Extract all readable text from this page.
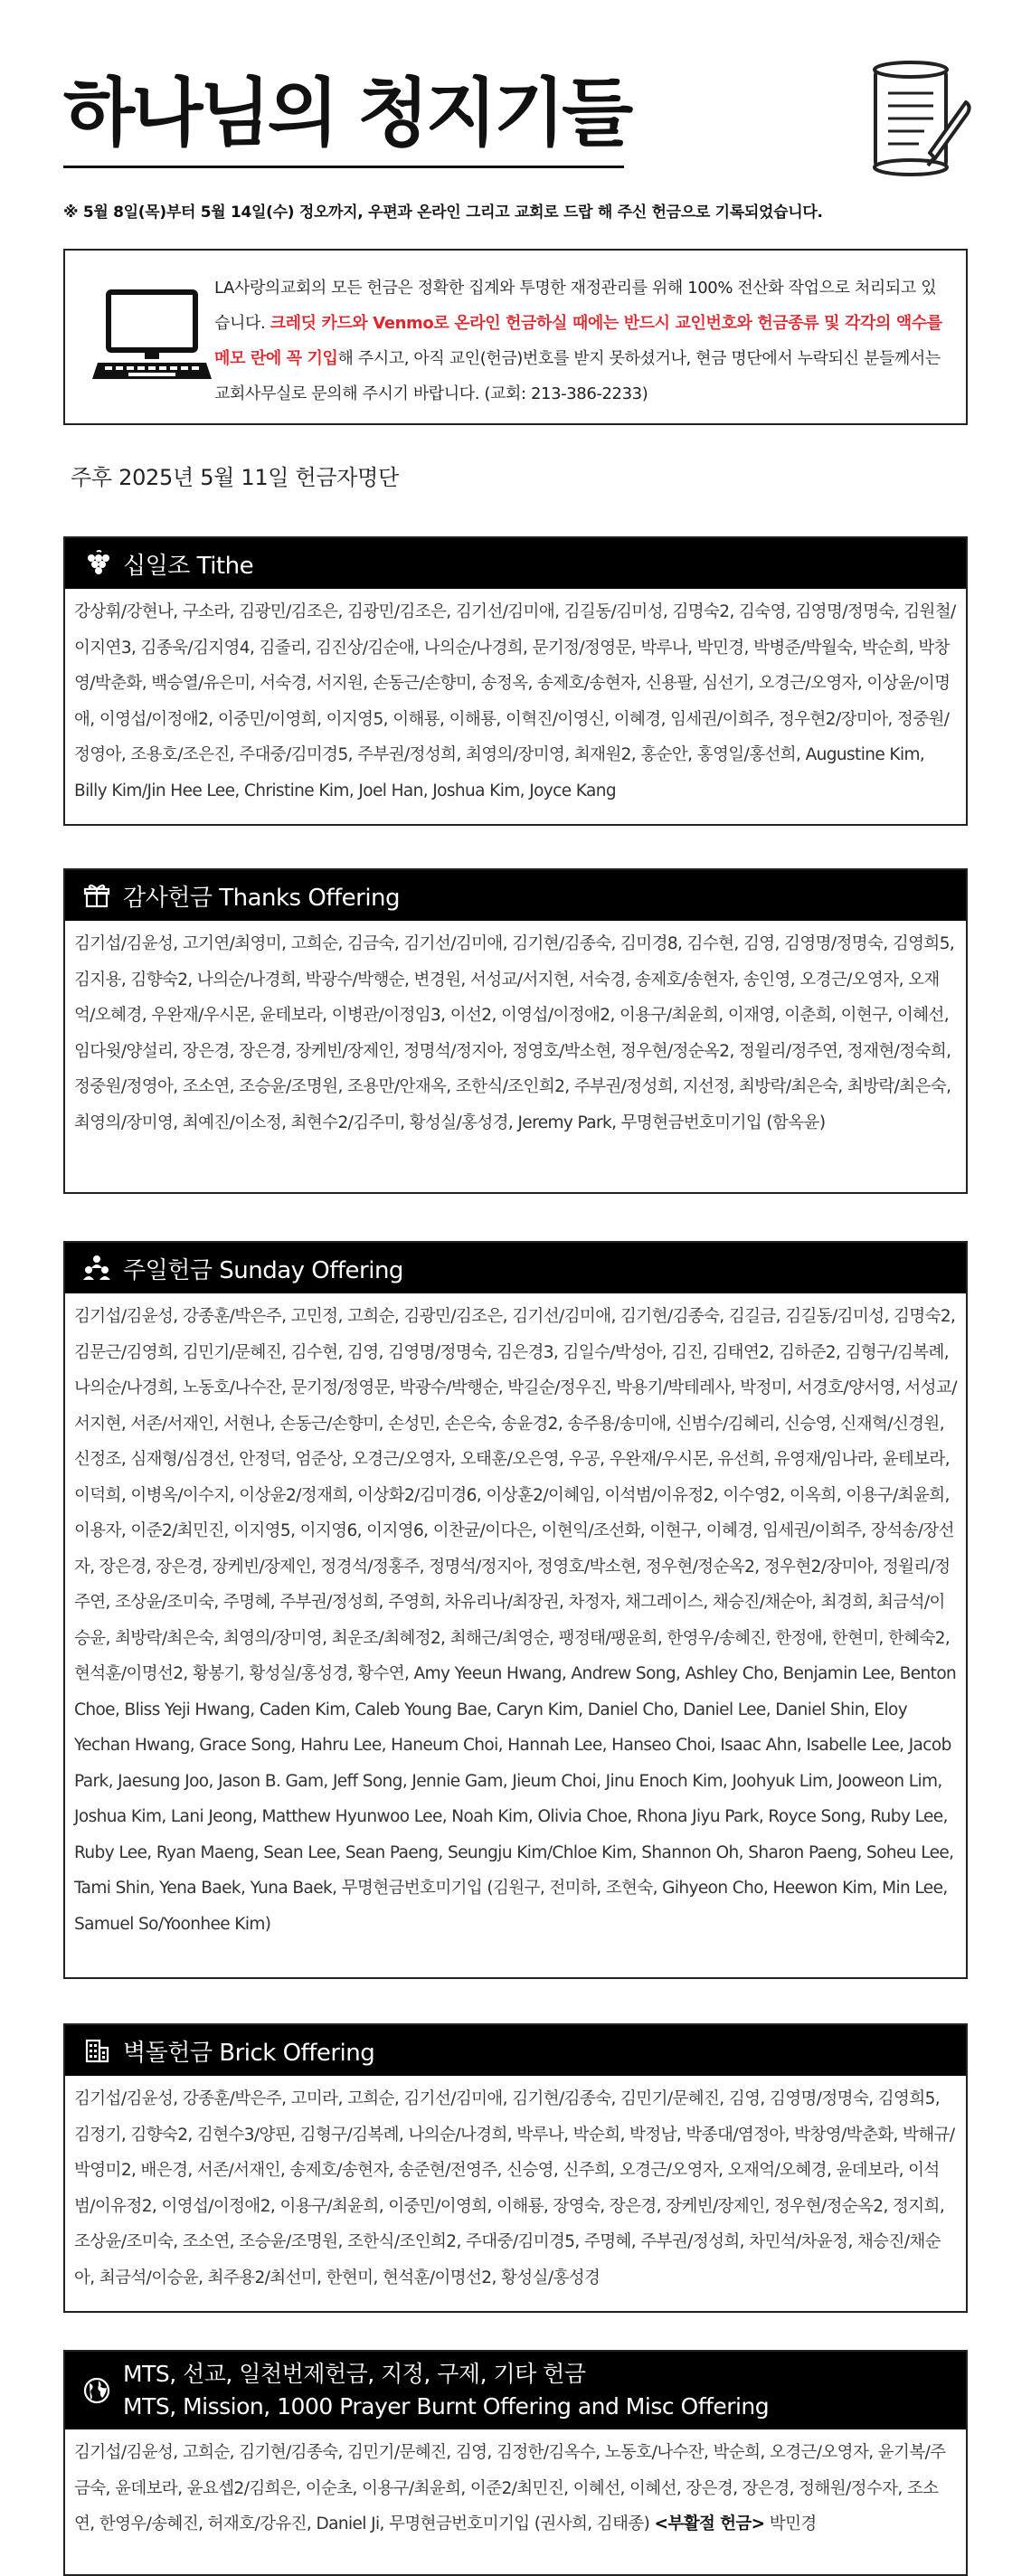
하나님의 청지기들
※ 5월 8일(목)부터 5월 14일(수) 정오까지, 우편과 온라인 그리고 교회로 드랍 해 주신 헌금으로 기록되었습니다.
LA사랑의교회의 모든 헌금은 정확한 집계와 투명한 재정관리를 위해 100% 전산화 작업으로 처리되고 있습니다. 크레딧 카드와 Venmo로 온라인 헌금하실 때에는 반드시 교인번호와 헌금종류 및 각각의 액수를 메모 란에 꼭 기입해 주시고, 아직 교인(헌금)번호를 받지 못하셨거나, 현금 명단에서 누락되신 분들께서는 교회사무실로 문의해 주시기 바랍니다. (교회: 213-386-2233)
주후 2025년 5월 11일 헌금자명단
십일조 Tithe
강상휘/강현나, 구소라, 김광민/김조은, 김광민/김조은, 김기선/김미애, 김길동/김미성, 김명숙2, 김숙영, 김영명/정명숙, 김원철/이지연3, 김종욱/김지영4, 김줄리, 김진상/김순애, 나의순/나경희, 문기정/정영문, 박루나, 박민경, 박병준/박월숙, 박순희, 박창영/박춘화, 백승열/유은미, 서숙경, 서지원, 손동근/손향미, 송정옥, 송제호/송현자, 신용팔, 심선기, 오경근/오영자, 이상윤/이명애, 이영섭/이정애2, 이중민/이영희, 이지영5, 이해룡, 이해룡, 이혁진/이영신, 이혜경, 임세권/이희주, 정우현2/장미아, 정중원/정영아, 조용호/조은진, 주대중/김미경5, 주부권/정성희, 최영의/장미영, 최재원2, 홍순안, 홍영일/홍선희, Augustine Kim, Billy Kim/Jin Hee Lee, Christine Kim, Joel Han, Joshua Kim, Joyce Kang
감사헌금 Thanks Offering
김기섭/김윤성, 고기연/최영미, 고희순, 김금숙, 김기선/김미애, 김기현/김종숙, 김미경8, 김수현, 김영, 김영명/정명숙, 김영희5, 김지용, 김향숙2, 나의순/나경희, 박광수/박행순, 변경원, 서성교/서지현, 서숙경, 송제호/송현자, 송인영, 오경근/오영자, 오재억/오혜경, 우완재/우시몬, 윤테보라, 이병관/이정임3, 이선2, 이영섭/이정애2, 이용구/최윤희, 이재영, 이춘희, 이현구, 이혜선, 임다윗/양설리, 장은경, 장은경, 장케빈/장제인, 정명석/정지아, 정영호/박소현, 정우현/정순옥2, 정윌리/정주연, 정재현/정숙희, 정중원/정영아, 조소연, 조승윤/조명원, 조용만/안재옥, 조한식/조인희2, 주부권/정성희, 지선정, 최방락/최은숙, 최방락/최은숙, 최영의/장미영, 최예진/이소정, 최현수2/김주미, 황성실/홍성경, Jeremy Park, 무명현금번호미기입 (함옥윤)
주일헌금 Sunday Offering
김기섭/김윤성, 강종훈/박은주, 고민정, 고희순, 김광민/김조은, 김기선/김미애, 김기현/김종숙, 김길금, 김길동/김미성, 김명숙2, 김문근/김영희, 김민기/문혜진, 김수현, 김영, 김영명/정명숙, 김은경3, 김일수/박성아, 김진, 김태연2, 김하준2, 김형구/김복례, 나의순/나경희, 노동호/나수잔, 문기정/정영문, 박광수/박행순, 박길순/정우진, 박용기/박테레사, 박정미, 서경호/양서영, 서성교/서지현, 서존/서재인, 서현나, 손동근/손향미, 손성민, 손은숙, 송윤경2, 송주용/송미애, 신범수/김혜리, 신승영, 신재혁/신경원, 신정조, 심재형/심경선, 안정덕, 엄준상, 오경근/오영자, 오태훈/오은영, 우공, 우완재/우시몬, 유선희, 유영재/임나라, 윤테보라, 이덕희, 이병옥/이수지, 이상윤2/정재희, 이상화2/김미경6, 이상훈2/이혜임, 이석범/이유정2, 이수영2, 이옥희, 이용구/최윤희, 이용자, 이준2/최민진, 이지영5, 이지영6, 이지영6, 이찬균/이다은, 이현익/조선화, 이현구, 이혜경, 임세권/이희주, 장석송/장선자, 장은경, 장은경, 장케빈/장제인, 정경석/정홍주, 정명석/정지아, 정영호/박소현, 정우현/정순옥2, 정우현2/장미아, 정윌리/정주연, 조상윤/조미숙, 주명혜, 주부권/정성희, 주영희, 차유리나/최장권, 차정자, 채그레이스, 채승진/채순아, 최경희, 최금석/이승윤, 최방락/최은숙, 최영의/장미영, 최운조/최혜정2, 최해근/최영순, 팽정태/팽윤희, 한영우/송혜진, 한정애, 한현미, 한혜숙2, 현석훈/이명선2, 황봉기, 황성실/홍성경, 황수연, Amy Yeeun Hwang, Andrew Song, Ashley Cho, Benjamin Lee, Benton Choe, Bliss Yeji Hwang, Caden Kim, Caleb Young Bae, Caryn Kim, Daniel Cho, Daniel Lee, Daniel Shin, Eloy Yechan Hwang, Grace Song, Hahru Lee, Haneum Choi, Hannah Lee, Hanseo Choi, Isaac Ahn, Isabelle Lee, Jacob Park, Jaesung Joo, Jason B. Gam, Jeff Song, Jennie Gam, Jieum Choi, Jinu Enoch Kim, Joohyuk Lim, Jooweon Lim, Joshua Kim, Lani Jeong, Matthew Hyunwoo Lee, Noah Kim, Olivia Choe, Rhona Jiyu Park, Royce Song, Ruby Lee, Ruby Lee, Ryan Maeng, Sean Lee, Sean Paeng, Seungju Kim/Chloe Kim, Shannon Oh, Sharon Paeng, Soheu Lee, Tami Shin, Yena Baek, Yuna Baek, 무명현금번호미기입 (김원구, 전미하, 조현숙, Gihyeon Cho, Heewon Kim, Min Lee, Samuel So/Yoonhee Kim)
벽돌헌금 Brick Offering
김기섭/김윤성, 강종훈/박은주, 고미라, 고희순, 김기선/김미애, 김기현/김종숙, 김민기/문혜진, 김영, 김영명/정명숙, 김영희5, 김정기, 김향숙2, 김현수3/양핀, 김형구/김복례, 나의순/나경희, 박루나, 박순희, 박정남, 박종대/염정아, 박창영/박춘화, 박해규/박영미2, 배은경, 서존/서재인, 송제호/송현자, 송준현/전영주, 신승영, 신주희, 오경근/오영자, 오재억/오혜경, 윤데보라, 이석범/이유정2, 이영섭/이정애2, 이용구/최윤희, 이중민/이영희, 이해룡, 장영숙, 장은경, 장케빈/장제인, 정우현/정순옥2, 정지희, 조상윤/조미숙, 조소연, 조승윤/조명원, 조한식/조인희2, 주대중/김미경5, 주명혜, 주부권/정성희, 차민석/차윤정, 채승진/채순아, 최금석/이승윤, 최주용2/최선미, 한현미, 현석훈/이명선2, 황성실/홍성경
MTS, 선교, 일천번제헌금, 지정, 구제, 기타 헌금
MTS, Mission, 1000 Prayer Burnt Offering and Misc Offering
김기섭/김윤성, 고희순, 김기현/김종숙, 김민기/문혜진, 김영, 김정한/김옥수, 노동호/나수잔, 박순희, 오경근/오영자, 윤기복/주금숙, 윤데보라, 윤요셉2/김희은, 이순초, 이용구/최윤희, 이준2/최민진, 이혜선, 이혜선, 장은경, 장은경, 정해원/정수자, 조소연, 한영우/송혜진, 허재호/강유진, Daniel Ji, 무명현금번호미기입 (권사희, 김태종) <부활절 헌금> 박민경
